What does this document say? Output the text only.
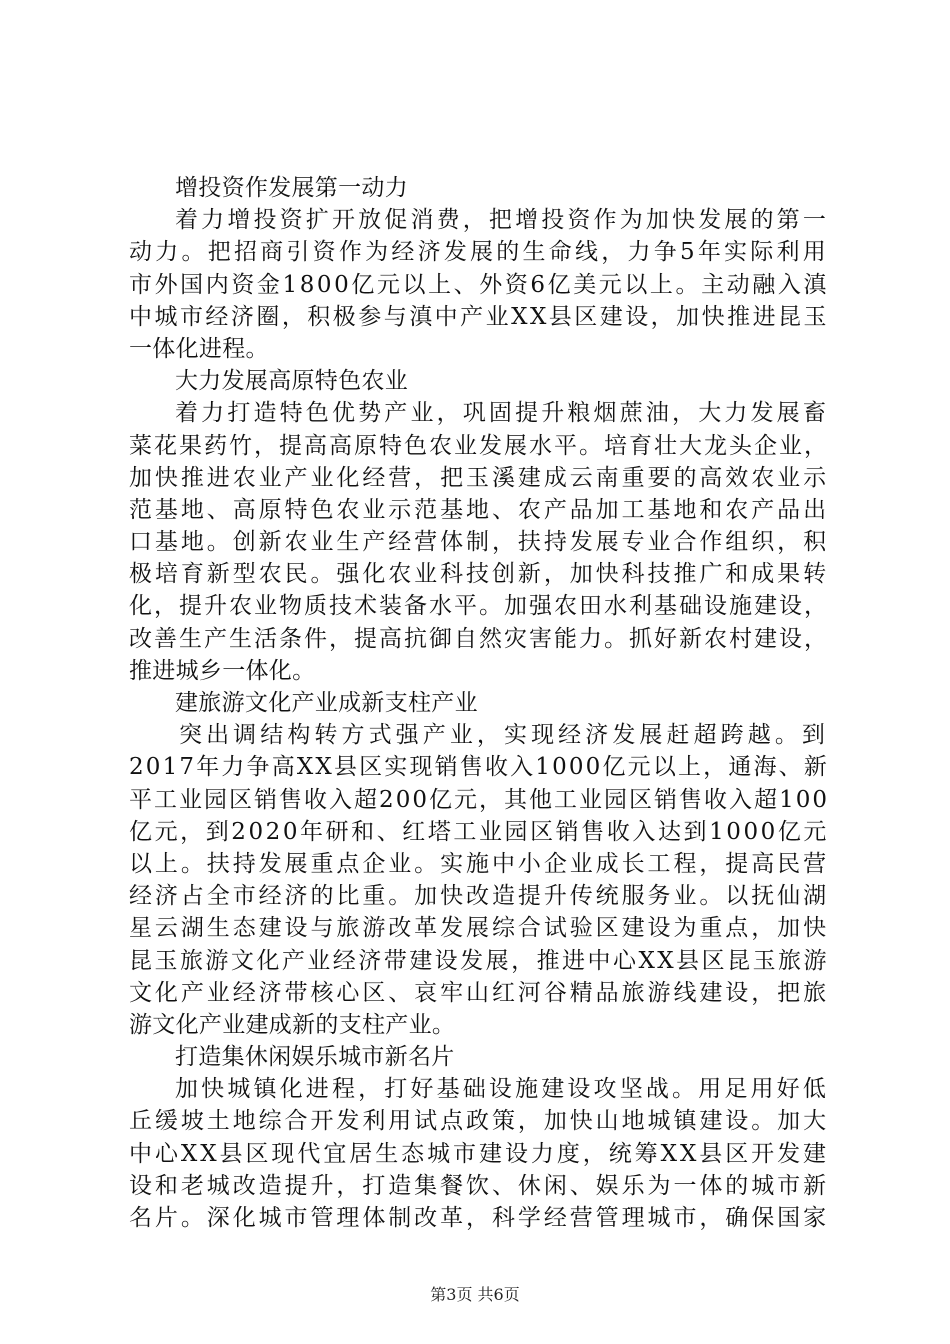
增投资作发展第一动力
着力增投资扩开放促消费，把增投资作为加快发展的第一
动力。把招商引资作为经济发展的生命线，力争5年实际利用
市外国内资金1800亿元以上、外资6亿美元以上。主动融入滇
中城市经济圈，积极参与滇中产业XX县区建设，加快推进昆玉
一体化进程。
大力发展高原特色农业
着力打造特色优势产业，巩固提升粮烟蔗油，大力发展畜
菜花果药竹，提高高原特色农业发展水平。培育壮大龙头企业，
加快推进农业产业化经营，把玉溪建成云南重要的高效农业示
范基地、高原特色农业示范基地、农产品加工基地和农产品出
口基地。创新农业生产经营体制，扶持发展专业合作组织，积
极培育新型农民。强化农业科技创新，加快科技推广和成果转
化，提升农业物质技术装备水平。加强农田水利基础设施建设，
改善生产生活条件，提高抗御自然灾害能力。抓好新农村建设，
推进城乡一体化。
建旅游文化产业成新支柱产业
突出调结构转方式强产业，实现经济发展赶超跨越。到
2017年力争高XX县区实现销售收入1000亿元以上，通海、新
平工业园区销售收入超200亿元，其他工业园区销售收入超100
亿元，到2020年研和、红塔工业园区销售收入达到1000亿元
以上。扶持发展重点企业。实施中小企业成长工程，提高民营
经济占全市经济的比重。加快改造提升传统服务业。以抚仙湖
星云湖生态建设与旅游改革发展综合试验区建设为重点，加快
昆玉旅游文化产业经济带建设发展，推进中心XX县区昆玉旅游
文化产业经济带核心区、哀牢山红河谷精品旅游线建设，把旅
游文化产业建成新的支柱产业。
打造集休闲娱乐城市新名片
加快城镇化进程，打好基础设施建设攻坚战。用足用好低
丘缓坡土地综合开发利用试点政策，加快山地城镇建设。加大
中心XX县区现代宜居生态城市建设力度，统筹XX县区开发建
设和老城改造提升，打造集餐饮、休闲、娱乐为一体的城市新
名片。深化城市管理体制改革，科学经营管理城市，确保国家
第3页 共6页
